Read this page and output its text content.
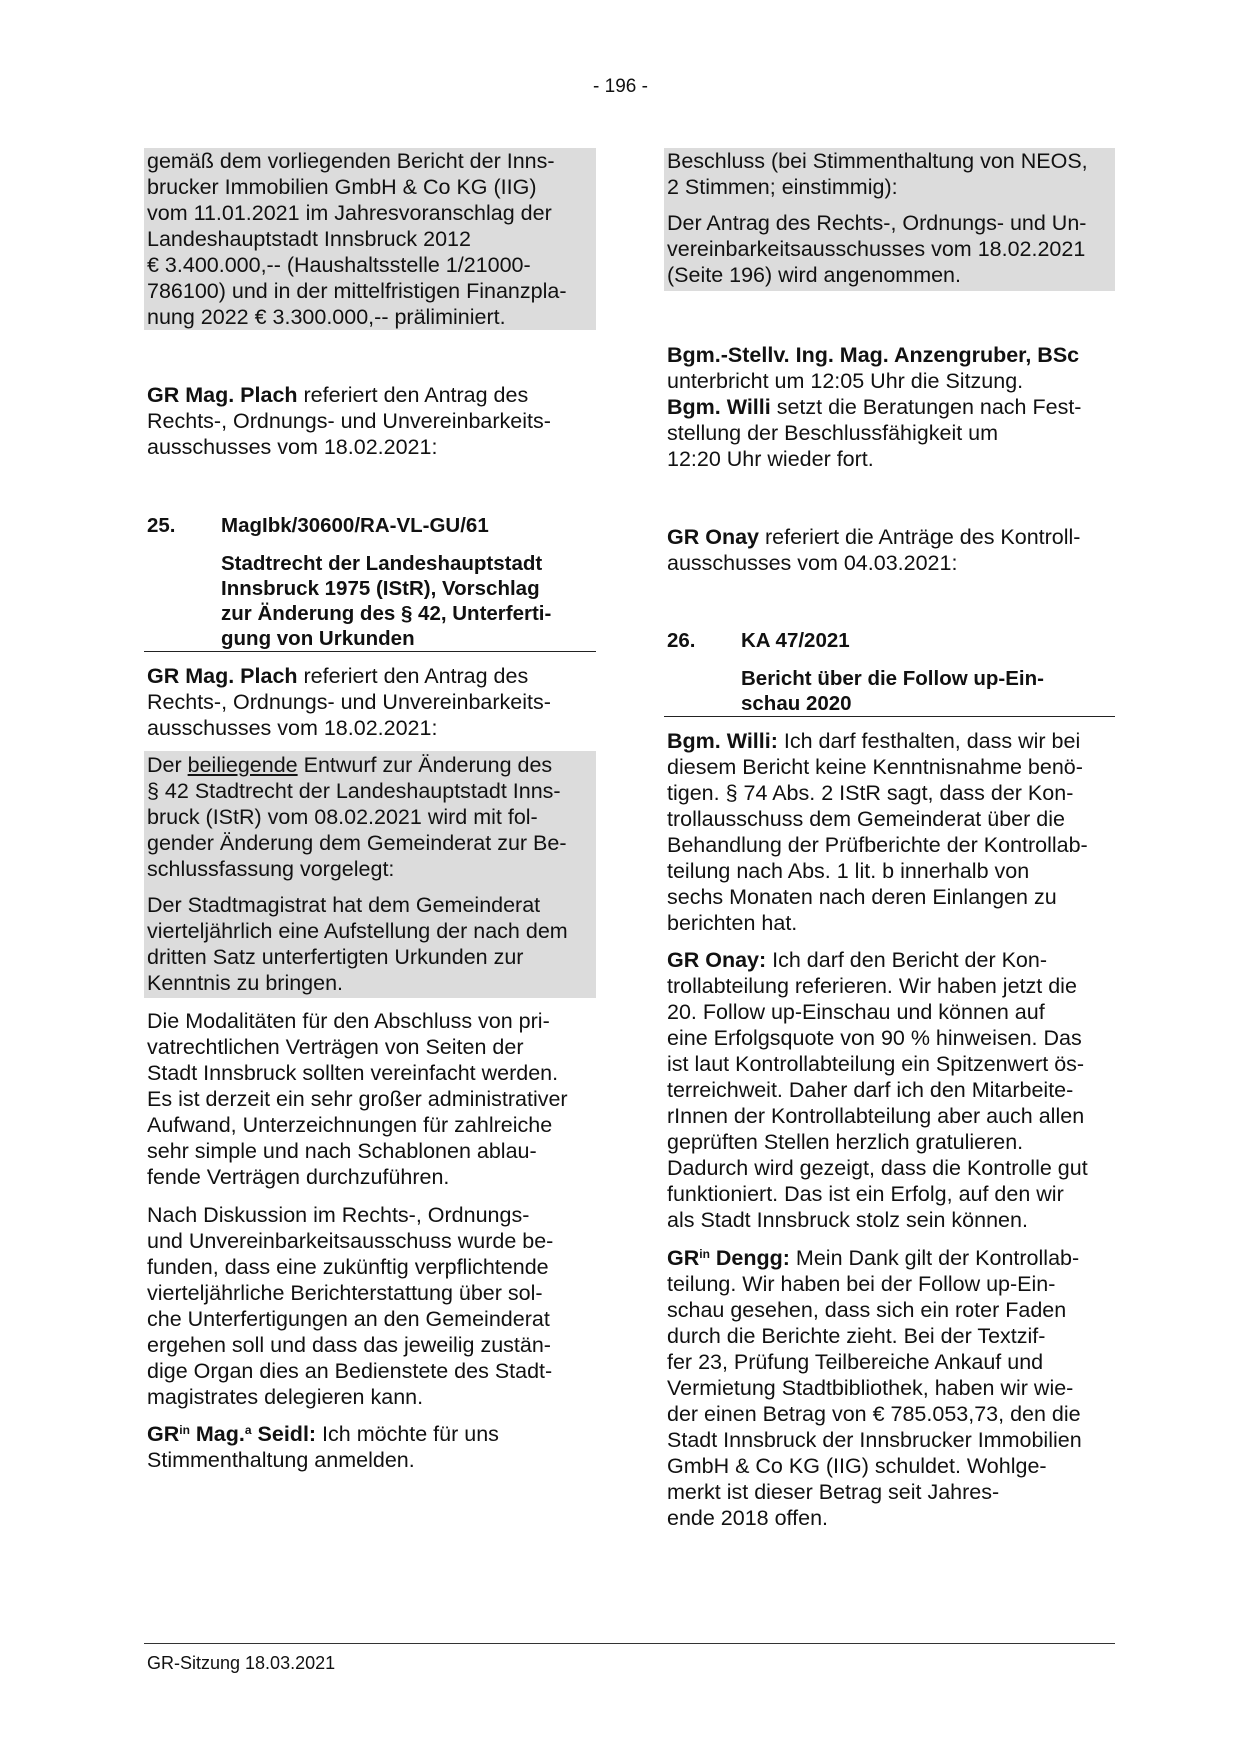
- 196 -
gemäß dem vorliegenden Bericht der Inns-
brucker Immobilien GmbH & Co KG (IIG)
vom 11.01.2021 im Jahresvoranschlag der
Landeshauptstadt Innsbruck 2012
€ 3.400.000,-- (Haushaltsstelle 1/21000-
786100) und in der mittelfristigen Finanzpla-
nung 2022 € 3.300.000,-- präliminiert.
GR Mag. Plach referiert den Antrag des
Rechts-, Ordnungs- und Unvereinbarkeits-
ausschusses vom 18.02.2021:
25.	MagIbk/30600/RA-VL-GU/61
Stadtrecht der Landeshauptstadt
Innsbruck 1975 (IStR), Vorschlag
zur Änderung des § 42, Unterferti-
gung von Urkunden
GR Mag. Plach referiert den Antrag des
Rechts-, Ordnungs- und Unvereinbarkeits-
ausschusses vom 18.02.2021:
Der beiliegende Entwurf zur Änderung des
§ 42 Stadtrecht der Landeshauptstadt Inns-
bruck (IStR) vom 08.02.2021 wird mit fol-
gender Änderung dem Gemeinderat zur Be-
schlussfassung vorgelegt:
Der Stadtmagistrat hat dem Gemeinderat
vierteljährlich eine Aufstellung der nach dem
dritten Satz unterfertigten Urkunden zur
Kenntnis zu bringen.
Die Modalitäten für den Abschluss von pri-
vatrechtlichen Verträgen von Seiten der
Stadt Innsbruck sollten vereinfacht werden.
Es ist derzeit ein sehr großer administrativer
Aufwand, Unterzeichnungen für zahlreiche
sehr simple und nach Schablonen ablau-
fende Verträgen durchzuführen.
Nach Diskussion im Rechts-, Ordnungs-
und Unvereinbarkeitsausschuss wurde be-
funden, dass eine zukünftig verpflichtende
vierteljährliche Berichterstattung über sol-
che Unterfertigungen an den Gemeinderat
ergehen soll und dass das jeweilig zustän-
dige Organ dies an Bedienstete des Stadt-
magistrates delegieren kann.
$GR^{in}$ Mag.$^a$ Seidl: Ich möchte für uns
Stimmenthaltung anmelden.
Beschluss (bei Stimmenthaltung von NEOS,
2 Stimmen; einstimmig):
Der Antrag des Rechts-, Ordnungs- und Un-
vereinbarkeitsausschusses vom 18.02.2021
(Seite 196) wird angenommen.
Bgm.-Stellv. Ing. Mag. Anzengruber, BSc
unterbricht um 12:05 Uhr die Sitzung.
Bgm. Willi setzt die Beratungen nach Fest-
stellung der Beschlussfähigkeit um
12:20 Uhr wieder fort.
GR Onay referiert die Anträge des Kontroll-
ausschusses vom 04.03.2021:
26.	KA 47/2021
Bericht über die Follow up-Ein-
schau 2020
Bgm. Willi: Ich darf festhalten, dass wir bei
diesem Bericht keine Kenntnisnahme benö-
tigen. § 74 Abs. 2 IStR sagt, dass der Kon-
trollausschuss dem Gemeinderat über die
Behandlung der Prüfberichte der Kontrollab-
teilung nach Abs. 1 lit. b innerhalb von
sechs Monaten nach deren Einlangen zu
berichten hat.
GR Onay: Ich darf den Bericht der Kon-
trollabteilung referieren. Wir haben jetzt die
20. Follow up-Einschau und können auf
eine Erfolgsquote von 90 % hinweisen. Das
ist laut Kontrollabteilung ein Spitzenwert ös-
terreichweit. Daher darf ich den Mitarbeite-
rInnen der Kontrollabteilung aber auch allen
geprüften Stellen herzlich gratulieren.
Dadurch wird gezeigt, dass die Kontrolle gut
funktioniert. Das ist ein Erfolg, auf den wir
als Stadt Innsbruck stolz sein können.
$GR^{in}$ Dengg: Mein Dank gilt der Kontrollab-
teilung. Wir haben bei der Follow up-Ein-
schau gesehen, dass sich ein roter Faden
durch die Berichte zieht. Bei der Textzif-
fer 23, Prüfung Teilbereiche Ankauf und
Vermietung Stadtbibliothek, haben wir wie-
der einen Betrag von € 785.053,73, den die
Stadt Innsbruck der Innsbrucker Immobilien
GmbH & Co KG (IIG) schuldet. Wohlge-
merkt ist dieser Betrag seit Jahres-
ende 2018 offen.
GR-Sitzung 18.03.2021
